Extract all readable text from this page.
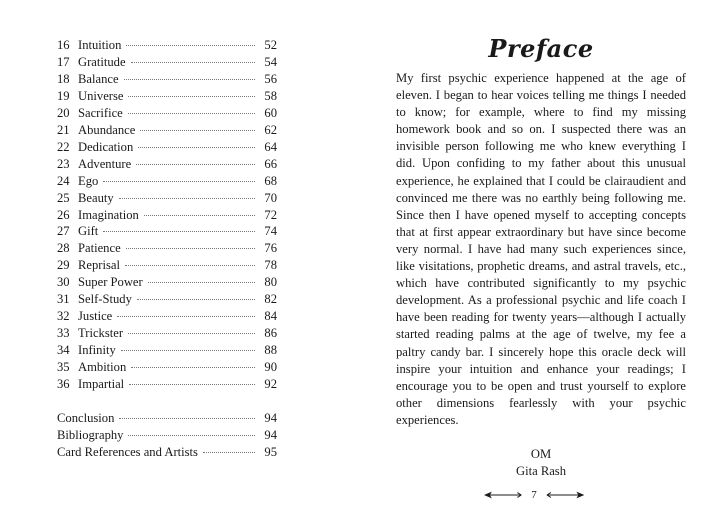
16 Intuition	52
17 Gratitude	54
18 Balance	56
19 Universe	58
20 Sacrifice	60
21 Abundance	62
22 Dedication	64
23 Adventure	66
24 Ego	68
25 Beauty	70
26 Imagination	72
27 Gift	74
28 Patience	76
29 Reprisal	78
30 Super Power	80
31 Self-Study	82
32 Justice	84
33 Trickster	86
34 Infinity	88
35 Ambition	90
36 Impartial	92
Conclusion	94
Bibliography	94
Card References and Artists	95
Preface

My first psychic experience happened at the age of eleven. I began to hear voices telling me things I needed to know; for example, where to find my missing homework book and so on. I suspected there was an invisible person following me who knew everything I did. Upon confiding to my father about this unusual experience, he explained that I could be clairaudient and convinced me there was no earthly being following me. Since then I have opened myself to accepting concepts that at first appear extraordinary but have since become very normal. I have had many such experiences since, like visitations, prophetic dreams, and astral travels, etc., which have contributed significantly to my psychic development. As a professional psychic and life coach I have been reading for twenty years—although I actually started reading palms at the age of twelve, my fee a paltry candy bar. I sincerely hope this oracle deck will inspire your intuition and enhance your readings; I encourage you to be open and trust yourself to explore other dimensions fearlessly with your psychic experiences.

OM
Gita Rash
7
